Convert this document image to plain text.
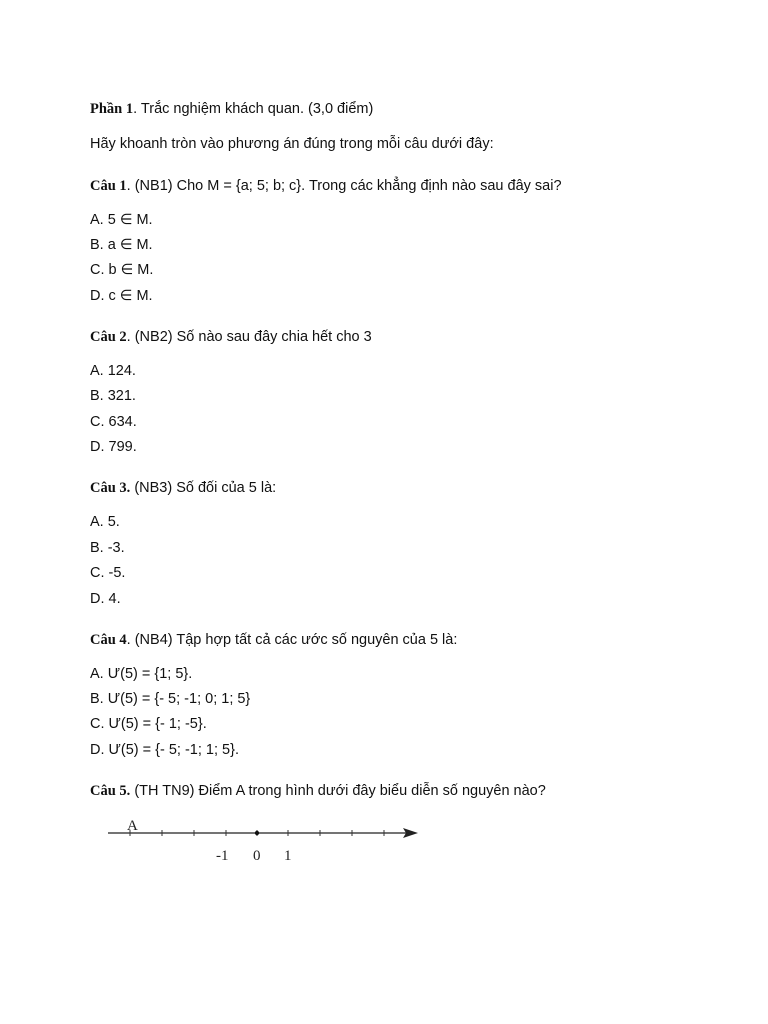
Phần 1. Trắc nghiệm khách quan. (3,0 điểm)
Hãy khoanh tròn vào phương án đúng trong mỗi câu dưới đây:
Câu 1. (NB1) Cho M = {a; 5; b; c}. Trong các khẳng định nào sau đây sai?
A. 5 ∈ M.
B. a ∈ M.
C. b ∈ M.
D. c ∈ M.
Câu 2. (NB2) Số nào sau đây chia hết cho 3
A. 124.
B. 321.
C. 634.
D. 799.
Câu 3. (NB3) Số đối của 5 là:
A. 5.
B. -3.
C. -5.
D. 4.
Câu 4. (NB4) Tập hợp tất cả các ước số nguyên của 5 là:
A. Ư(5) = {1; 5}.
B. Ư(5) = {- 5; -1; 0; 1; 5}
C. Ư(5) = {- 1; -5}.
D. Ư(5) = {- 5; -1; 1; 5}.
Câu 5. (TH TN9) Điểm A trong hình dưới đây biểu diễn số nguyên nào?
A
-1 0 1
